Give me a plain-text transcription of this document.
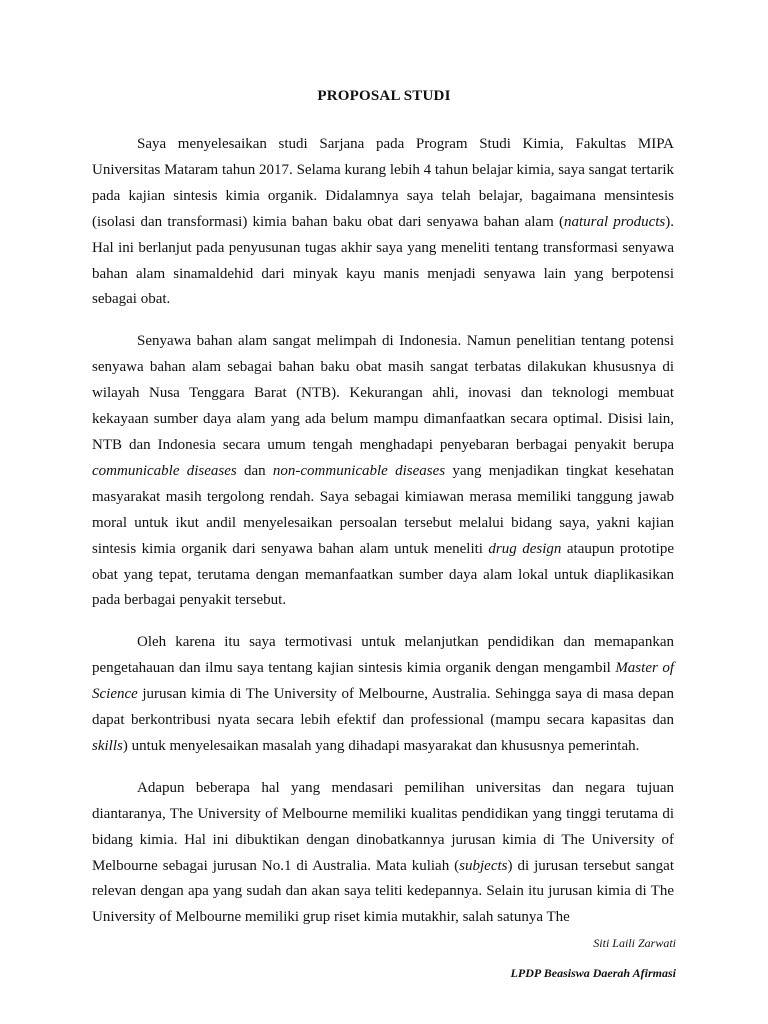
PROPOSAL STUDI

Saya menyelesaikan studi Sarjana pada Program Studi Kimia, Fakultas MIPA Universitas Mataram tahun 2017. Selama kurang lebih 4 tahun belajar kimia, saya sangat tertarik pada kajian sintesis kimia organik. Didalamnya saya telah belajar, bagaimana mensintesis (isolasi dan transformasi) kimia bahan baku obat dari senyawa bahan alam (natural products). Hal ini berlanjut pada penyusunan tugas akhir saya yang meneliti tentang transformasi senyawa bahan alam sinamaldehid dari minyak kayu manis menjadi senyawa lain yang berpotensi sebagai obat.

Senyawa bahan alam sangat melimpah di Indonesia. Namun penelitian tentang potensi senyawa bahan alam sebagai bahan baku obat masih sangat terbatas dilakukan khususnya di wilayah Nusa Tenggara Barat (NTB). Kekurangan ahli, inovasi dan teknologi membuat kekayaan sumber daya alam yang ada belum mampu dimanfaatkan secara optimal. Disisi lain, NTB dan Indonesia secara umum tengah menghadapi penyebaran berbagai penyakit berupa communicable diseases dan non-communicable diseases yang menjadikan tingkat kesehatan masyarakat masih tergolong rendah. Saya sebagai kimiawan merasa memiliki tanggung jawab moral untuk ikut andil menyelesaikan persoalan tersebut melalui bidang saya, yakni kajian sintesis kimia organik dari senyawa bahan alam untuk meneliti drug design ataupun prototipe obat yang tepat, terutama dengan memanfaatkan sumber daya alam lokal untuk diaplikasikan pada berbagai penyakit tersebut.

Oleh karena itu saya termotivasi untuk melanjutkan pendidikan dan memapankan pengetahauan dan ilmu saya tentang kajian sintesis kimia organik dengan mengambil Master of Science jurusan kimia di The University of Melbourne, Australia. Sehingga saya di masa depan dapat berkontribusi nyata secara lebih efektif dan professional (mampu secara kapasitas dan skills) untuk menyelesaikan masalah yang dihadapi masyarakat dan khususnya pemerintah.

Adapun beberapa hal yang mendasari pemilihan universitas dan negara tujuan diantaranya, The University of Melbourne memiliki kualitas pendidikan yang tinggi terutama di bidang kimia. Hal ini dibuktikan dengan dinobatkannya jurusan kimia di The University of Melbourne sebagai jurusan No.1 di Australia. Mata kuliah (subjects) di jurusan tersebut sangat relevan dengan apa yang sudah dan akan saya teliti kedepannya. Selain itu jurusan kimia di The University of Melbourne memiliki grup riset kimia mutakhir, salah satunya The

Siti Laili Zarwati
LPDP Beasiswa Daerah Afirmasi
